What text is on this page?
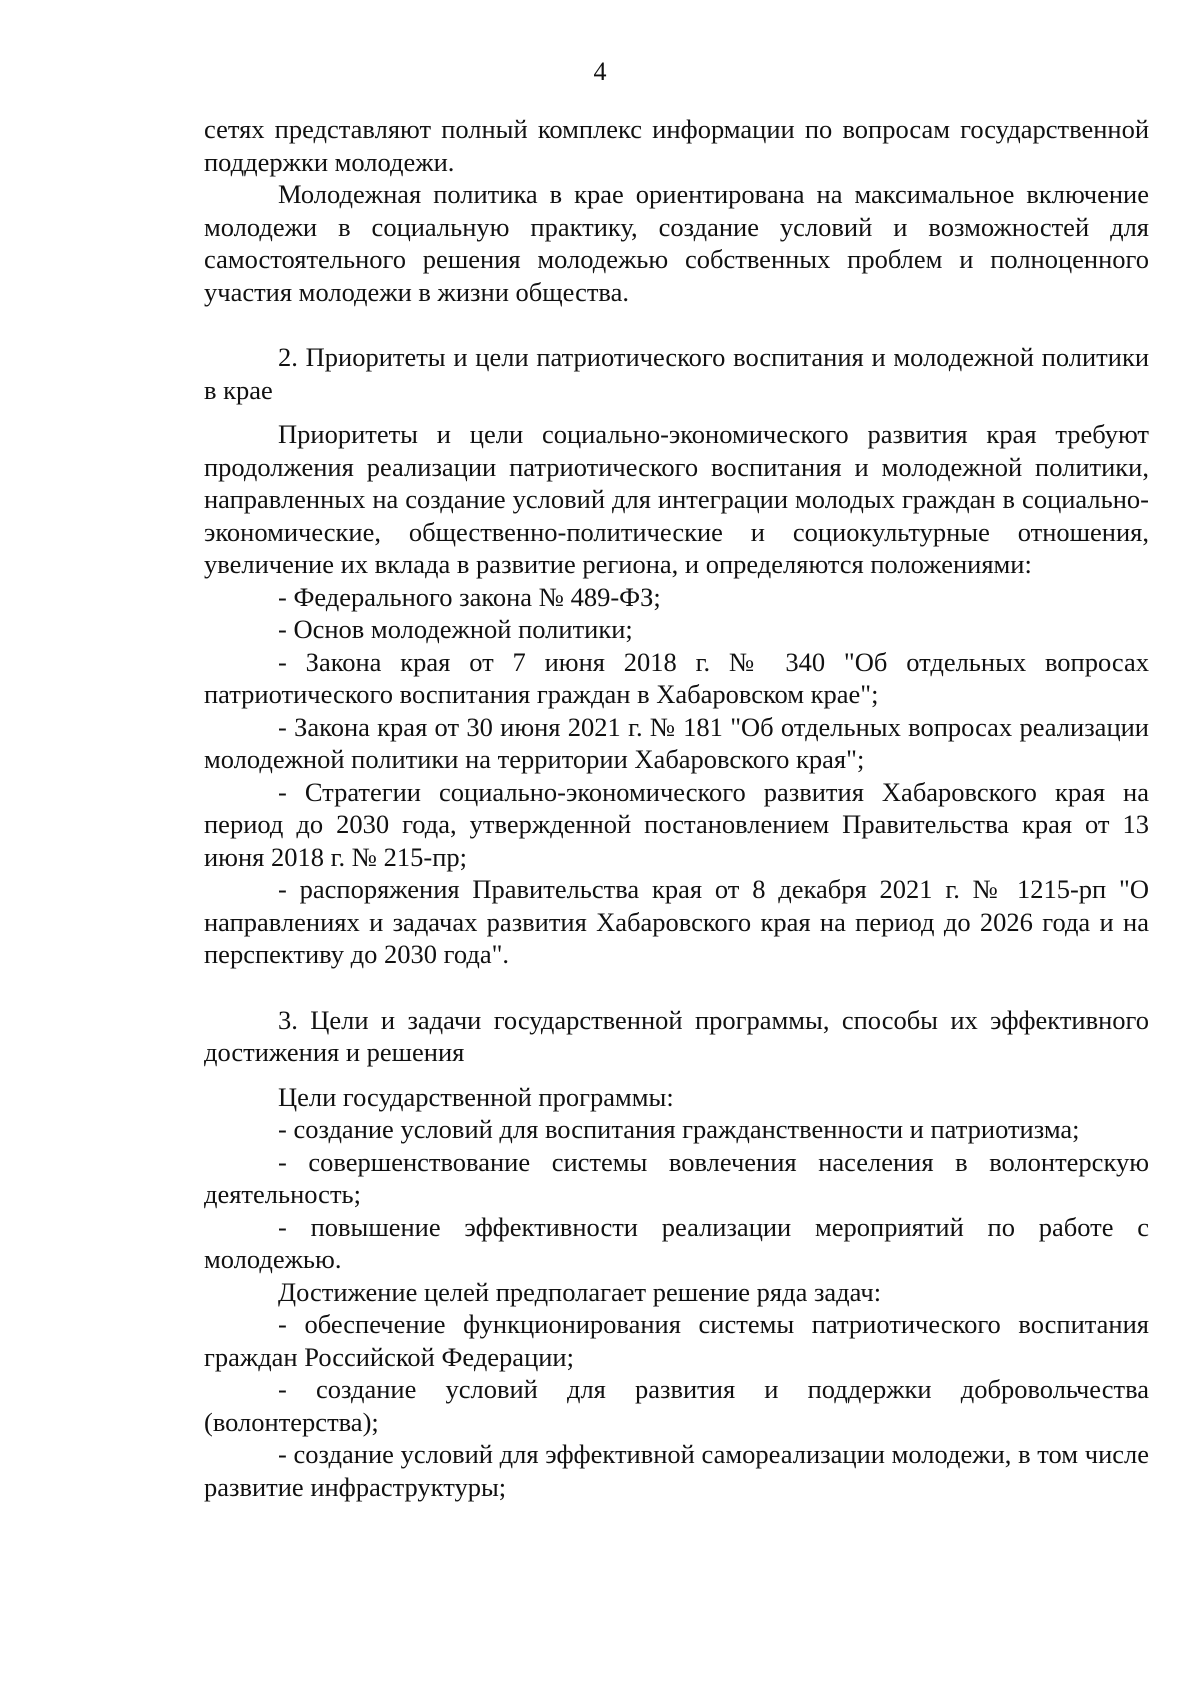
4

сетях представляют полный комплекс информации по вопросам государственной поддержки молодежи.

Молодежная политика в крае ориентирована на максимальное включение молодежи в социальную практику, создание условий и возможностей для самостоятельного решения молодежью собственных проблем и полноценного участия молодежи в жизни общества.

2. Приоритеты и цели патриотического воспитания и молодежной политики в крае

Приоритеты и цели социально-экономического развития края требуют продолжения реализации патриотического воспитания и молодежной политики, направленных на создание условий для интеграции молодых граждан в социально-экономические, общественно-политические и социокультурные отношения, увеличение их вклада в развитие региона, и определяются положениями:

- Федерального закона № 489-ФЗ;

- Основ молодежной политики;

- Закона края от 7 июня 2018 г. № 340 "Об отдельных вопросах патриотического воспитания граждан в Хабаровском крае";

- Закона края от 30 июня 2021 г. № 181 "Об отдельных вопросах реализации молодежной политики на территории Хабаровского края";

- Стратегии социально-экономического развития Хабаровского края на период до 2030 года, утвержденной постановлением Правительства края от 13 июня 2018 г. № 215-пр;

- распоряжения Правительства края от 8 декабря 2021 г. № 1215-рп "О направлениях и задачах развития Хабаровского края на период до 2026 года и на перспективу до 2030 года".

3. Цели и задачи государственной программы, способы их эффективного достижения и решения

Цели государственной программы:

- создание условий для воспитания гражданственности и патриотизма;

- совершенствование системы вовлечения населения в волонтерскую деятельность;

- повышение эффективности реализации мероприятий по работе с молодежью.

Достижение целей предполагает решение ряда задач:

- обеспечение функционирования системы патриотического воспитания граждан Российской Федерации;

- создание условий для развития и поддержки добровольчества (волонтерства);

- создание условий для эффективной самореализации молодежи, в том числе развитие инфраструктуры;
